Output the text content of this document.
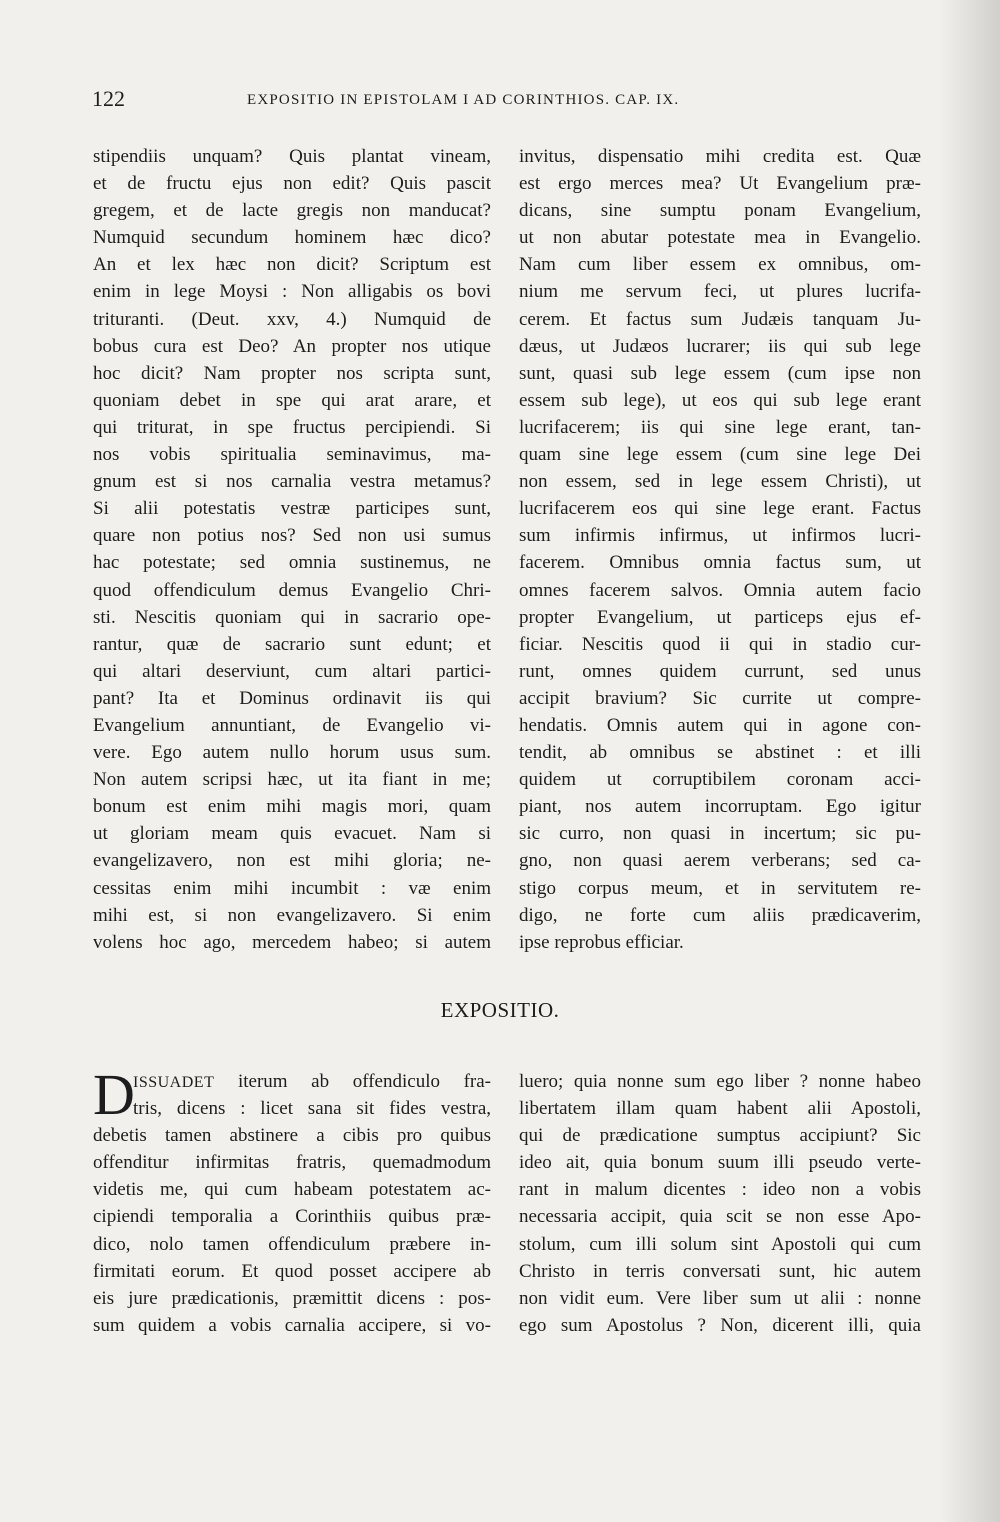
122	EXPOSITIO IN EPISTOLAM I AD CORINTHIOS. CAP. IX.
stipendiis unquam? Quis plantat vineam,
et de fructu ejus non edit? Quis pascit
gregem, et de lacte gregis non manducat?
Numquid secundum hominem hæc dico?
An et lex hæc non dicit? Scriptum est
enim in lege Moysi : Non alligabis os bovi
trituranti. (Deut. xxv, 4.) Numquid de
bobus cura est Deo? An propter nos utique
hoc dicit? Nam propter nos scripta sunt,
quoniam debet in spe qui arat arare, et
qui triturat, in spe fructus percipiendi. Si
nos vobis spiritualia seminavimus, ma-
gnum est si nos carnalia vestra metamus?
Si alii potestatis vestræ participes sunt,
quare non potius nos? Sed non usi sumus
hac potestate; sed omnia sustinemus, ne
quod offendiculum demus Evangelio Chri-
sti. Nescitis quoniam qui in sacrario ope-
rantur, quæ de sacrario sunt edunt; et
qui altari deserviunt, cum altari partici-
pant? Ita et Dominus ordinavit iis qui
Evangelium annuntiant, de Evangelio vi-
vere. Ego autem nullo horum usus sum.
Non autem scripsi hæc, ut ita fiant in me;
bonum est enim mihi magis mori, quam
ut gloriam meam quis evacuet. Nam si
evangelizavero, non est mihi gloria; ne-
cessitas enim mihi incumbit : væ enim
mihi est, si non evangelizavero. Si enim
volens hoc ago, mercedem habeo; si autem
invitus, dispensatio mihi credita est. Quæ
est ergo merces mea? Ut Evangelium præ-
dicans, sine sumptu ponam Evangelium,
ut non abutar potestate mea in Evangelio.
Nam cum liber essem ex omnibus, om-
nium me servum feci, ut plures lucrifa-
cerem. Et factus sum Judæis tanquam Ju-
dæus, ut Judæos lucrarer; iis qui sub lege
sunt, quasi sub lege essem (cum ipse non
essem sub lege), ut eos qui sub lege erant
lucrifacerem; iis qui sine lege erant, tan-
quam sine lege essem (cum sine lege Dei
non essem, sed in lege essem Christi), ut
lucrifacerem eos qui sine lege erant. Factus
sum infirmis infirmus, ut infirmos lucri-
facerem. Omnibus omnia factus sum, ut
omnes facerem salvos. Omnia autem facio
propter Evangelium, ut particeps ejus ef-
ficiar. Nescitis quod ii qui in stadio cur-
runt, omnes quidem currunt, sed unus
accipit bravium? Sic currite ut compre-
hendatis. Omnis autem qui in agone con-
tendit, ab omnibus se abstinet : et illi
quidem ut corruptibilem coronam acci-
piant, nos autem incorruptam. Ego igitur
sic curro, non quasi in incertum; sic pu-
gno, non quasi aerem verberans; sed ca-
stigo corpus meum, et in servitutem re-
digo, ne forte cum aliis prædicaverim,
ipse reprobus efficiar.
EXPOSITIO.
D
ISSUADET iterum ab offendiculo fra-
tris, dicens : licet sana sit fides vestra,
debetis tamen abstinere a cibis pro quibus
offenditur infirmitas fratris, quemadmodum
videtis me, qui cum habeam potestatem ac-
cipiendi temporalia a Corinthiis quibus præ-
dico, nolo tamen offendiculum præbere in-
firmitati eorum. Et quod posset accipere ab
eis jure prædicationis, præmittit dicens : pos-
sum quidem a vobis carnalia accipere, si vo-
luero; quia nonne sum ego liber ? nonne habeo
libertatem illam quam habent alii Apostoli,
qui de prædicatione sumptus accipiunt? Sic
ideo ait, quia bonum suum illi pseudo verte-
rant in malum dicentes : ideo non a vobis
necessaria accipit, quia scit se non esse Apo-
stolum, cum illi solum sint Apostoli qui cum
Christo in terris conversati sunt, hic autem
non vidit eum. Vere liber sum ut alii : nonne
ego sum Apostolus ? Non, dicerent illi, quia
